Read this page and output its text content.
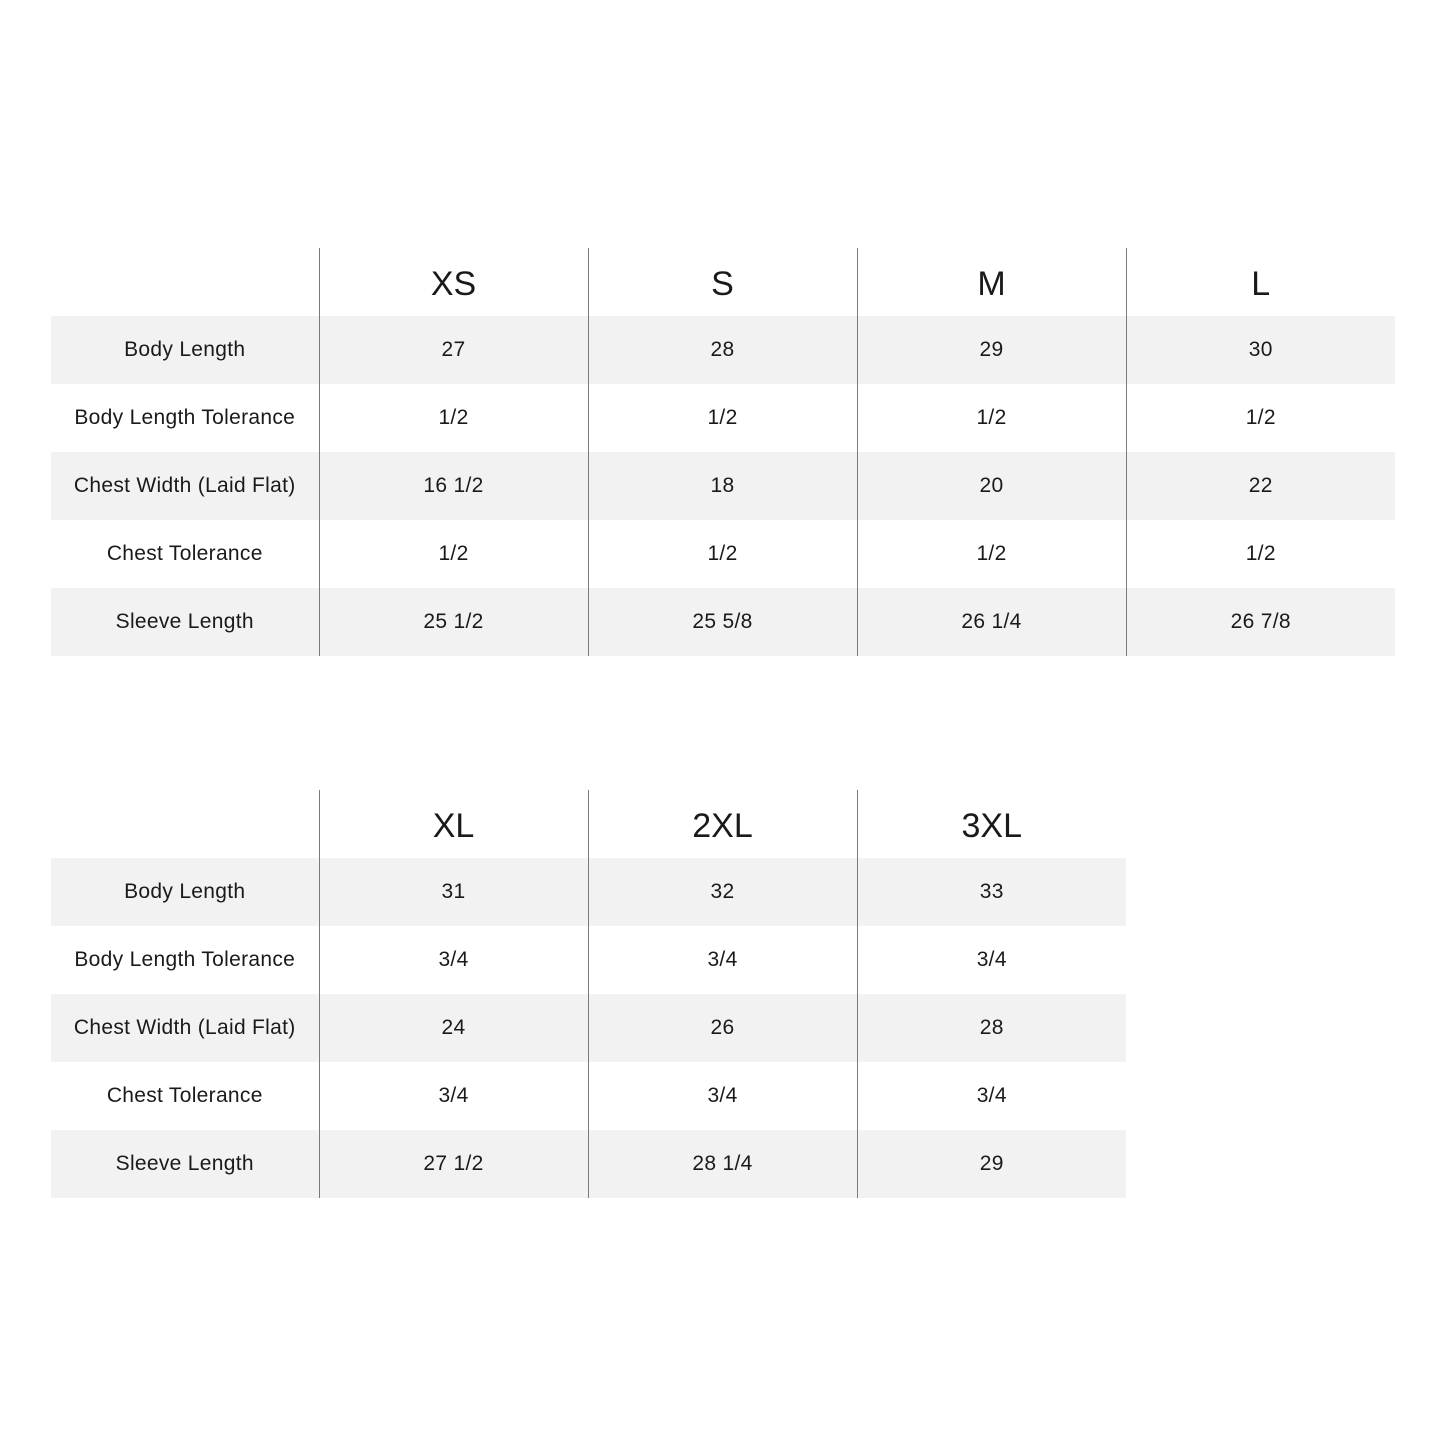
	XS	S	M	L
Body Length	27	28	29	30
Body Length Tolerance	1/2	1/2	1/2	1/2
Chest Width (Laid Flat)	16 1/2	18	20	22
Chest Tolerance	1/2	1/2	1/2	1/2
Sleeve Length	25 1/2	25 5/8	26 1/4	26 7/8
	XL	2XL	3XL
Body Length	31	32	33
Body Length Tolerance	3/4	3/4	3/4
Chest Width (Laid Flat)	24	26	28
Chest Tolerance	3/4	3/4	3/4
Sleeve Length	27 1/2	28 1/4	29
